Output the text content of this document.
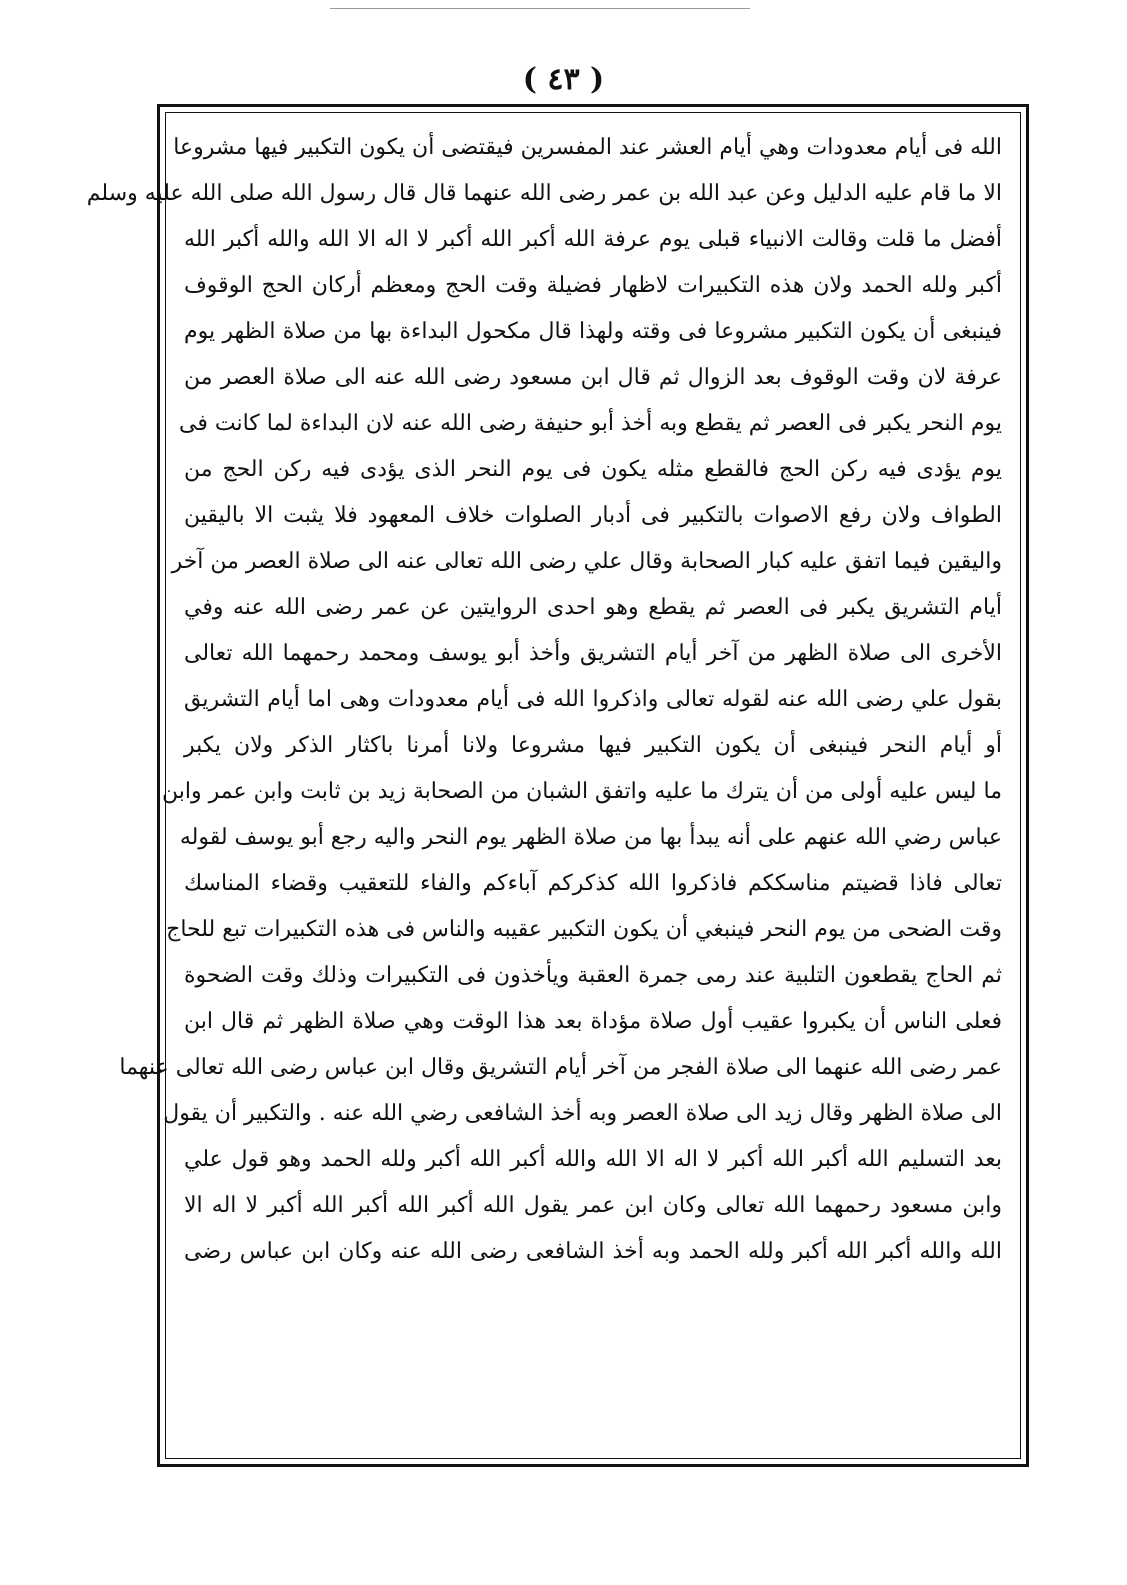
( ٤٣ )
الله فى أيام معدودات وهي أيام العشر عند المفسرين فيقتضى أن يكون التكبير فيها مشروعا
الا ما قام عليه الدليل وعن عبد الله بن عمر رضى الله عنهما قال قال رسول الله صلى الله عليه وسلم
أفضل ما قلت وقالت الانبياء قبلى يوم عرفة الله أكبر الله أكبر لا اله الا الله والله أكبر الله
أكبر ولله الحمد ولان هذه التكبيرات لاظهار فضيلة وقت الحج ومعظم أركان الحج الوقوف
فينبغى أن يكون التكبير مشروعا فى وقته ولهذا قال مكحول البداءة بها من صلاة الظهر يوم
عرفة لان وقت الوقوف بعد الزوال ثم قال ابن مسعود رضى الله عنه الى صلاة العصر من
يوم النحر يكبر فى العصر ثم يقطع وبه أخذ أبو حنيفة رضى الله عنه لان البداءة لما كانت فى
يوم يؤدى فيه ركن الحج فالقطع مثله يكون فى يوم النحر الذى يؤدى فيه ركن الحج من
الطواف ولان رفع الاصوات بالتكبير فى أدبار الصلوات خلاف المعهود فلا يثبت الا باليقين
واليقين فيما اتفق عليه كبار الصحابة وقال علي رضى الله تعالى عنه الى صلاة العصر من آخر
أيام التشريق يكبر فى العصر ثم يقطع وهو احدى الروايتين عن عمر رضى الله عنه وفي
الأخرى الى صلاة الظهر من آخر أيام التشريق وأخذ أبو يوسف ومحمد رحمهما الله تعالى
بقول علي رضى الله عنه لقوله تعالى واذكروا الله فى أيام معدودات وهى اما أيام التشريق
أو أيام النحر فينبغى أن يكون التكبير فيها مشروعا ولانا أمرنا باكثار الذكر ولان يكبر
ما ليس عليه أولى من أن يترك ما عليه واتفق الشبان من الصحابة زيد بن ثابت وابن عمر وابن
عباس رضي الله عنهم على أنه يبدأ بها من صلاة الظهر يوم النحر واليه رجع أبو يوسف لقوله
تعالى فاذا قضيتم مناسككم فاذكروا الله كذكركم آباءكم والفاء للتعقيب وقضاء المناسك
وقت الضحى من يوم النحر فينبغي أن يكون التكبير عقيبه والناس فى هذه التكبيرات تبع للحاج
ثم الحاج يقطعون التلبية عند رمى جمرة العقبة ويأخذون فى التكبيرات وذلك وقت الضحوة
فعلى الناس أن يكبروا عقيب أول صلاة مؤداة بعد هذا الوقت وهي صلاة الظهر ثم قال ابن
عمر رضى الله عنهما الى صلاة الفجر من آخر أيام التشريق وقال ابن عباس رضى الله تعالى عنهما
الى صلاة الظهر وقال زيد الى صلاة العصر وبه أخذ الشافعى رضي الله عنه . والتكبير أن يقول
بعد التسليم الله أكبر الله أكبر لا اله الا الله والله أكبر الله أكبر ولله الحمد وهو قول علي
وابن مسعود رحمهما الله تعالى وكان ابن عمر يقول الله أكبر الله أكبر الله أكبر لا اله الا
الله والله أكبر الله أكبر ولله الحمد وبه أخذ الشافعى رضى الله عنه وكان ابن عباس رضى
